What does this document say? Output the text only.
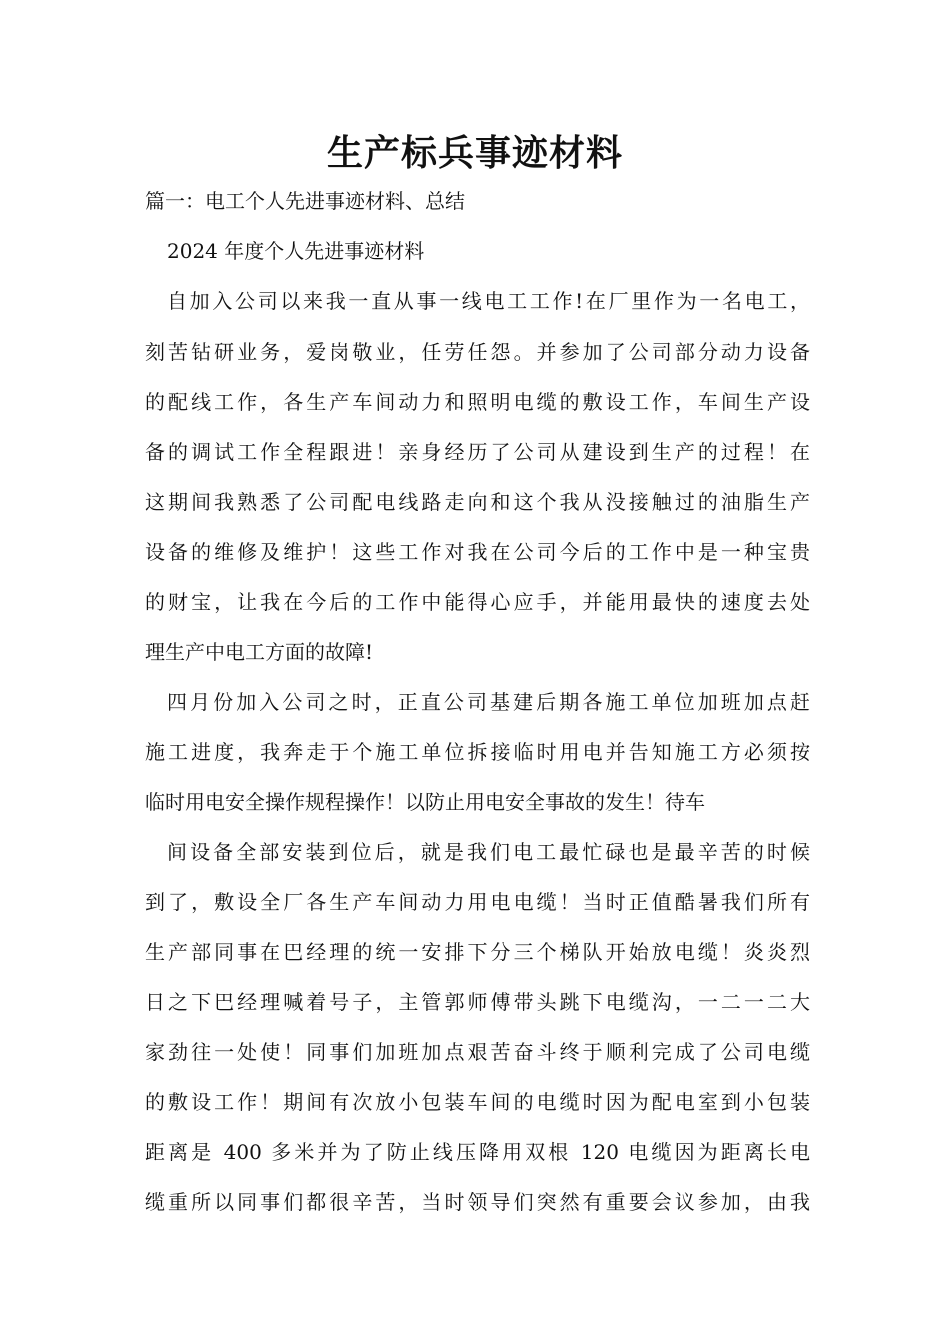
生产标兵事迹材料

篇一：电工个人先进事迹材料、总结

2024 年度个人先进事迹材料

自加入公司以来我一直从事一线电工工作!在厂里作为一名电工，

刻苦钻研业务，爱岗敬业，任劳任怨。并参加了公司部分动力设备

的配线工作，各生产车间动力和照明电缆的敷设工作，车间生产设

备的调试工作全程跟进！亲身经历了公司从建设到生产的过程！在

这期间我熟悉了公司配电线路走向和这个我从没接触过的油脂生产

设备的维修及维护！这些工作对我在公司今后的工作中是一种宝贵

的财宝，让我在今后的工作中能得心应手，并能用最快的速度去处

理生产中电工方面的故障!

四月份加入公司之时，正直公司基建后期各施工单位加班加点赶

施工进度，我奔走于个施工单位拆接临时用电并告知施工方必须按

临时用电安全操作规程操作！以防止用电安全事故的发生！待车

间设备全部安装到位后，就是我们电工最忙碌也是最辛苦的时候

到了，敷设全厂各生产车间动力用电电缆！当时正值酷暑我们所有

生产部同事在巴经理的统一安排下分三个梯队开始放电缆！炎炎烈

日之下巴经理喊着号子，主管郭师傅带头跳下电缆沟，一二一二大

家劲往一处使！同事们加班加点艰苦奋斗终于顺利完成了公司电缆

的敷设工作！期间有次放小包装车间的电缆时因为配电室到小包装

距离是 400 多米并为了防止线压降用双根 120 电缆因为距离长电

缆重所以同事们都很辛苦，当时领导们突然有重要会议参加，由我
